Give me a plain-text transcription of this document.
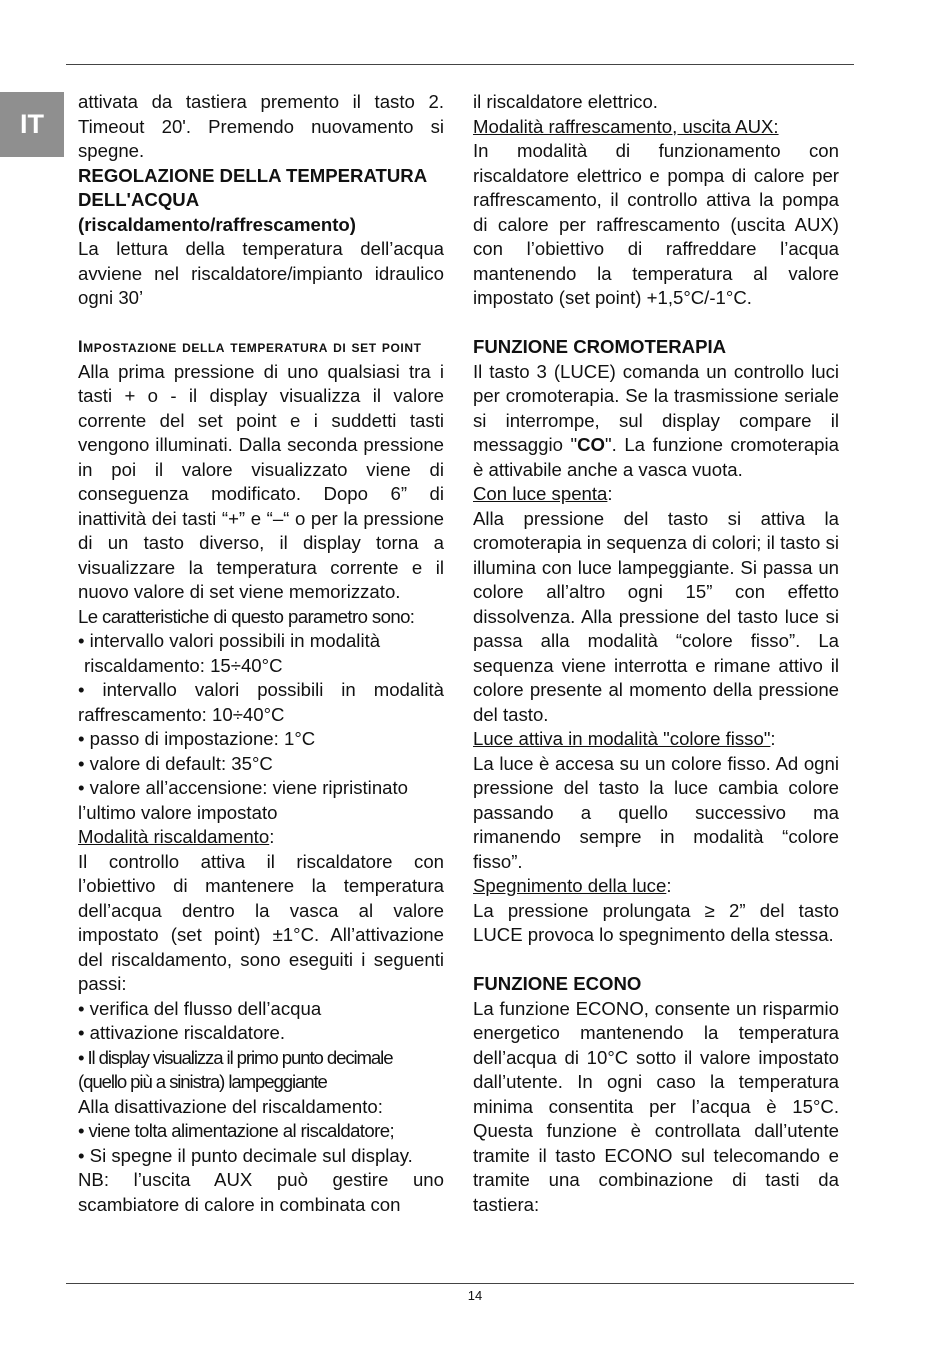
IT

attivata da tastiera premento il tasto 2. Timeout 20'. Premendo nuovamento si spegne.

REGOLAZIONE DELLA TEMPERATURA DELL'ACQUA (riscaldamento/raffrescamento)

La lettura della temperatura dell’acqua avviene nel riscaldatore/impianto idraulico ogni 30’

Impostazione della temperatura di set point

Alla prima pressione di uno qualsiasi tra i tasti + o - il display visualizza il valore corrente del set point e i suddetti tasti vengono illuminati. Dalla seconda pressione in poi il valore visualizzato viene di conseguenza modificato. Dopo 6” di inattività dei tasti “+” e “–“ o per la pressione di un tasto diverso, il display torna a visualizzare la temperatura corrente e il nuovo valore di set viene memorizzato.

Le caratteristiche di questo parametro sono:

• intervallo valori possibili in modalità

riscaldamento: 15÷40°C

• intervallo valori possibili in modalità raffrescamento: 10÷40°C

• passo di impostazione: 1°C

• valore di default: 35°C

• valore all’accensione: viene ripristinato l’ultimo valore impostato

Modalità riscaldamento:

Il controllo attiva il riscaldatore con l’obiettivo di mantenere la temperatura dell’acqua dentro la vasca al valore impostato (set point) ±1°C. All’attivazione del riscaldamento, sono eseguiti i seguenti passi:

• verifica del flusso dell’acqua

• attivazione riscaldatore.

• Il display visualizza il primo punto decimale (quello più a sinistra) lampeggiante

Alla disattivazione del riscaldamento:

• viene tolta alimentazione al riscaldatore;

• Si spegne il punto decimale sul display.

NB: l’uscita AUX può gestire uno scambiatore di calore in combinata con

il riscaldatore elettrico.

Modalità raffrescamento, uscita AUX:

In modalità di funzionamento con riscaldatore elettrico e pompa di calore per raffrescamento, il controllo attiva la pompa di calore per raffrescamento (uscita AUX) con l’obiettivo di raffreddare l’acqua mantenendo la temperatura al valore impostato (set point) +1,5°C/-1°C.

FUNZIONE CROMOTERAPIA

Il tasto 3 (LUCE) comanda un controllo luci per cromoterapia. Se la trasmissione seriale si interrompe, sul display compare il messaggio "CO". La funzione cromoterapia è attivabile anche a vasca vuota.

Con luce spenta:

Alla pressione del tasto si attiva la cromoterapia in sequenza di colori; il tasto si illumina con luce lampeggiante. Si passa un colore all’altro ogni 15” con effetto dissolvenza. Alla pressione del tasto luce si passa alla modalità “colore fisso”. La sequenza viene interrotta e rimane attivo il colore presente al momento della pressione del tasto.

Luce attiva in modalità "colore fisso":

La luce è accesa su un colore fisso. Ad ogni pressione del tasto la luce cambia colore passando a quello successivo ma rimanendo sempre in modalità “colore fisso”.

Spegnimento della luce:

La pressione prolungata ≥ 2” del tasto LUCE provoca lo spegnimento della stessa.

FUNZIONE ECONO

La funzione ECONO, consente un risparmio energetico mantenendo la temperatura dell’acqua di 10°C sotto il valore impostato dall’utente. In ogni caso la temperatura minima consentita per l’acqua è 15°C. Questa funzione è controllata dall’utente tramite il tasto ECONO sul telecomando e tramite una combinazione di tasti da tastiera:

14
